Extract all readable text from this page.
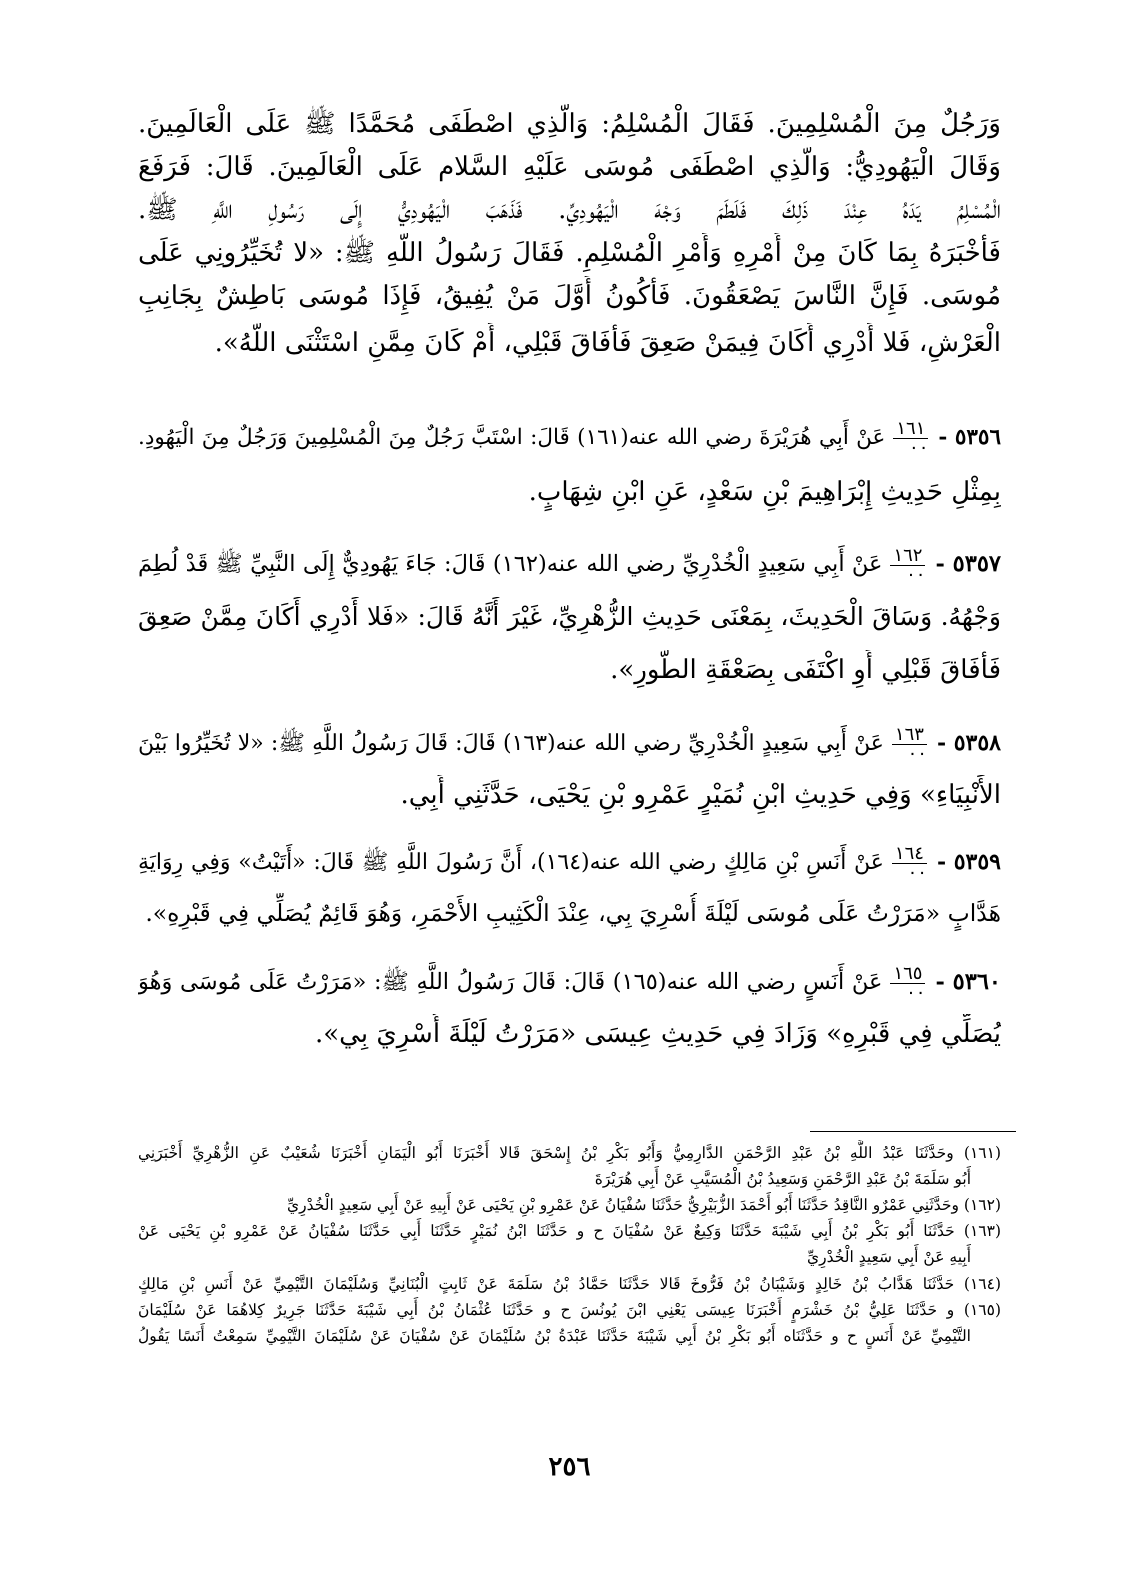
وَرَجُلٌ مِنَ الْمُسْلِمِينَ. فَقَالَ الْمُسْلِمُ: وَالَّذِي اصْطَفَى مُحَمَّدًا ﷺ عَلَى الْعَالَمِينَ.
وَقَالَ الْيَهُودِيُّ: وَالَّذِي اصْطَفَى مُوسَى عَلَيْهِ السَّلام عَلَى الْعَالَمِينَ. قَالَ: فَرَفَعَ
الْمُسْلِمُ يَدَهُ عِنْدَ ذَلِكَ فَلَطَمَ وَجْهَ الْيَهُودِيِّ. فَذَهَبَ الْيَهُودِيُّ إِلَى رَسُولِ اللَّهِ ﷺ.
فَأَخْبَرَهُ بِمَا كَانَ مِنْ أَمْرِهِ وَأَمْرِ الْمُسْلِمِ. فَقَالَ رَسُولُ اللَّهِ ﷺ: «لا تُخَيِّرُونِي عَلَى
مُوسَى. فَإِنَّ النَّاسَ يَصْعَقُونَ. فَأَكُونُ أَوَّلَ مَنْ يُفِيقُ، فَإِذَا مُوسَى بَاطِشٌ بِجَانِبِ
الْعَرْشِ، فَلا أَدْرِي أَكَانَ فِيمَنْ صَعِقَ فَأَفَاقَ قَبْلِي، أَمْ كَانَ مِمَّنِ اسْتَثْنَى اللَّهُ».
٥٣٥٦ -
$\frac{١٦١}{٠٠}$
عَنْ أَبِي هُرَيْرَةَ رضي الله عنه(١٦١) قَالَ: اسْتَبَّ رَجُلٌ مِنَ الْمُسْلِمِينَ وَرَجُلٌ مِنَ الْيَهُودِ.
بِمِثْلِ حَدِيثِ إِبْرَاهِيمَ بْنِ سَعْدٍ، عَنِ ابْنِ شِهَابٍ.
٥٣٥٧ -
$\frac{١٦٢}{٠٠}$
عَنْ أَبِي سَعِيدٍ الْخُدْرِيِّ رضي الله عنه(١٦٢) قَالَ: جَاءَ يَهُودِيٌّ إِلَى النَّبِيِّ ﷺ قَدْ لُطِمَ
وَجْهُهُ. وَسَاقَ الْحَدِيثَ، بِمَعْنَى حَدِيثِ الزُّهْرِيِّ، غَيْرَ أَنَّهُ قَالَ: «فَلا أَدْرِي أَكَانَ مِمَّنْ صَعِقَ
فَأَفَاقَ قَبْلِي أَوِ اكْتَفَى بِصَعْقَةِ الطُّورِ».
٥٣٥٨ -
$\frac{١٦٣}{٠٠}$
عَنْ أَبِي سَعِيدٍ الْخُدْرِيِّ رضي الله عنه(١٦٣) قَالَ: قَالَ رَسُولُ اللَّهِ ﷺ: «لا تُخَيِّرُوا بَيْنَ
الأَنْبِيَاءِ» وَفِي حَدِيثِ ابْنِ نُمَيْرٍ عَمْرِو بْنِ يَحْيَى، حَدَّثَنِي أَبِي.
٥٣٥٩ -
$\frac{١٦٤}{٠٠}$
عَنْ أَنَسِ بْنِ مَالِكٍ رضي الله عنه(١٦٤)، أَنَّ رَسُولَ اللَّهِ ﷺ قَالَ: «أَتَيْتُ» وَفِي رِوَايَةِ
هَدَّابٍ «مَرَرْتُ عَلَى مُوسَى لَيْلَةَ أُسْرِيَ بِي، عِنْدَ الْكَثِيبِ الأَحْمَرِ، وَهُوَ قَائِمٌ يُصَلِّي فِي قَبْرِهِ».
٥٣٦٠ -
$\frac{١٦٥}{٠٠}$
عَنْ أَنَسٍ رضي الله عنه(١٦٥) قَالَ: قَالَ رَسُولُ اللَّهِ ﷺ: «مَرَرْتُ عَلَى مُوسَى وَهُوَ
يُصَلِّي فِي قَبْرِهِ» وَزَادَ فِي حَدِيثِ عِيسَى «مَرَرْتُ لَيْلَةَ أُسْرِيَ بِي».
(١٦١) وحَدَّثَنَا عَبْدُ اللَّهِ بْنُ عَبْدِ الرَّحْمَنِ الدَّارِمِيُّ وَأَبُو بَكْرِ بْنُ إِسْحَقَ قَالا أَخْبَرَنَا أَبُو الْيَمَانِ أَخْبَرَنَا شُعَيْبٌ عَنِ الزُّهْرِيِّ أَخْبَرَنِي
أَبُو سَلَمَةَ بْنُ عَبْدِ الرَّحْمَنِ وَسَعِيدُ بْنُ الْمُسَيَّبِ عَنْ أَبِي هُرَيْرَةَ
(١٦٢) وحَدَّثَنِي عَمْرٌو النَّاقِدُ حَدَّثَنَا أَبُو أَحْمَدَ الزُّبَيْرِيُّ حَدَّثَنَا سُفْيَانُ عَنْ عَمْرِو بْنِ يَحْيَى عَنْ أَبِيهِ عَنْ أَبِي سَعِيدٍ الْخُدْرِيِّ
(١٦٣) حَدَّثَنَا أَبُو بَكْرِ بْنُ أَبِي شَيْبَةَ حَدَّثَنَا وَكِيعٌ عَنْ سُفْيَانَ ح و حَدَّثَنَا ابْنُ نُمَيْرٍ حَدَّثَنَا أَبِي حَدَّثَنَا سُفْيَانُ عَنْ عَمْرِو بْنِ يَحْيَى عَنْ
أَبِيهِ عَنْ أَبِي سَعِيدٍ الْخُدْرِيِّ
(١٦٤) حَدَّثَنَا هَدَّابُ بْنُ خَالِدٍ وَشَيْبَانُ بْنُ فَرُّوخَ قَالا حَدَّثَنَا حَمَّادُ بْنُ سَلَمَةَ عَنْ ثَابِتٍ الْبُنَانِيِّ وَسُلَيْمَانَ التَّيْمِيِّ عَنْ أَنَسِ بْنِ مَالِكٍ
(١٦٥) و حَدَّثَنَا عَلِيُّ بْنُ خَشْرَمٍ أَخْبَرَنَا عِيسَى يَعْنِي ابْنَ يُونُسَ ح و حَدَّثَنَا عُثْمَانُ بْنُ أَبِي شَيْبَةَ حَدَّثَنَا جَرِيرٌ كِلاهُمَا عَنْ سُلَيْمَانَ
التَّيْمِيِّ عَنْ أَنَسٍ ح و حَدَّثَنَاه أَبُو بَكْرِ بْنُ أَبِي شَيْبَةَ حَدَّثَنَا عَبْدَةُ بْنُ سُلَيْمَانَ عَنْ سُفْيَانَ عَنْ سُلَيْمَانَ التَّيْمِيِّ سَمِعْتُ أَنَسًا يَقُولُ
٢٥٦
